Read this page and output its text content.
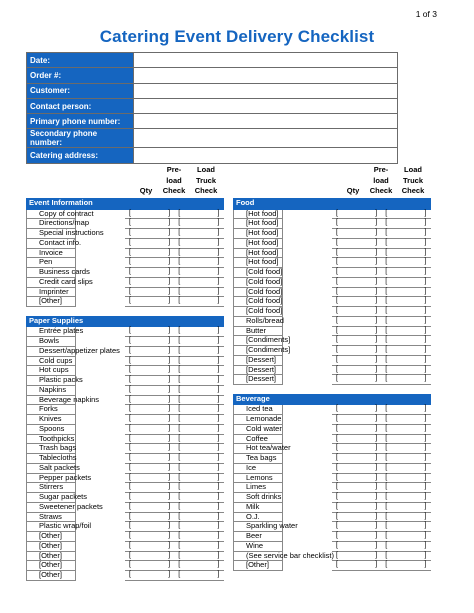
1 of 3
Catering Event Delivery Checklist
Date:	
Order #:	
Customer:	
Contact person:	
Primary phone number:	
Secondary phone number:	
Catering address:	
Qty
Pre-
load
Check
Load
Truck
Check	Qty
Pre-
load
Check
Load
Truck
Check
Event Information			
Copy of contract		[ ]	[ ]

Directions/map		[ ]	[ ]

Special instructions		[ ]	[ ]

Contact info.		[ ]	[ ]

Invoice		[ ]	[ ]

Pen		[ ]	[ ]

Business cards		[ ]	[ ]

Credit card slips		[ ]	[ ]

Imprinter		[ ]	[ ]

[Other]		[ ]	[ ]

Paper Supplies			
Entrée plates		[ ]	[ ]

Bowls		[ ]	[ ]

Dessert/appetizer plates		[ ]	[ ]

Cold cups		[ ]	[ ]

Hot cups		[ ]	[ ]

Plastic packs		[ ]	[ ]

Napkins		[ ]	[ ]

Beverage napkins		[ ]	[ ]

Forks		[ ]	[ ]

Knives		[ ]	[ ]

Spoons		[ ]	[ ]

Toothpicks		[ ]	[ ]

Trash bags		[ ]	[ ]

Tablecloths		[ ]	[ ]

Salt packets		[ ]	[ ]

Pepper packets		[ ]	[ ]

Stirrers		[ ]	[ ]

Sugar packets		[ ]	[ ]

Sweetener packets		[ ]	[ ]

Straws		[ ]	[ ]

Plastic wrap/foil		[ ]	[ ]

[Other]		[ ]	[ ]

[Other]		[ ]	[ ]

[Other]		[ ]	[ ]

[Other]		[ ]	[ ]

[Other]		[ ]	[ ]
Food			
[Hot food]		[ ]	[ ]

[Hot food]		[ ]	[ ]

[Hot food]		[ ]	[ ]

[Hot food]		[ ]	[ ]

[Hot food]		[ ]	[ ]

[Hot food]		[ ]	[ ]

[Cold food]		[ ]	[ ]

[Cold food]		[ ]	[ ]

[Cold food]		[ ]	[ ]

[Cold food]		[ ]	[ ]

[Cold food]		[ ]	[ ]

Rolls/bread		[ ]	[ ]

Butter		[ ]	[ ]

[Condiments]		[ ]	[ ]

[Condiments]		[ ]	[ ]

[Dessert]		[ ]	[ ]

[Dessert]		[ ]	[ ]

[Dessert]		[ ]	[ ]

Beverage			
Iced tea		[ ]	[ ]

Lemonade		[ ]	[ ]

Cold water		[ ]	[ ]

Coffee		[ ]	[ ]

Hot tea/water		[ ]	[ ]

Tea bags		[ ]	[ ]

Ice		[ ]	[ ]

Lemons		[ ]	[ ]

Limes		[ ]	[ ]

Soft drinks		[ ]	[ ]

Milk		[ ]	[ ]

O.J.		[ ]	[ ]

Sparkling water		[ ]	[ ]

Beer		[ ]	[ ]

Wine		[ ]	[ ]

(See service bar checklist)		[ ]	[ ]

[Other]		[ ]	[ ]
